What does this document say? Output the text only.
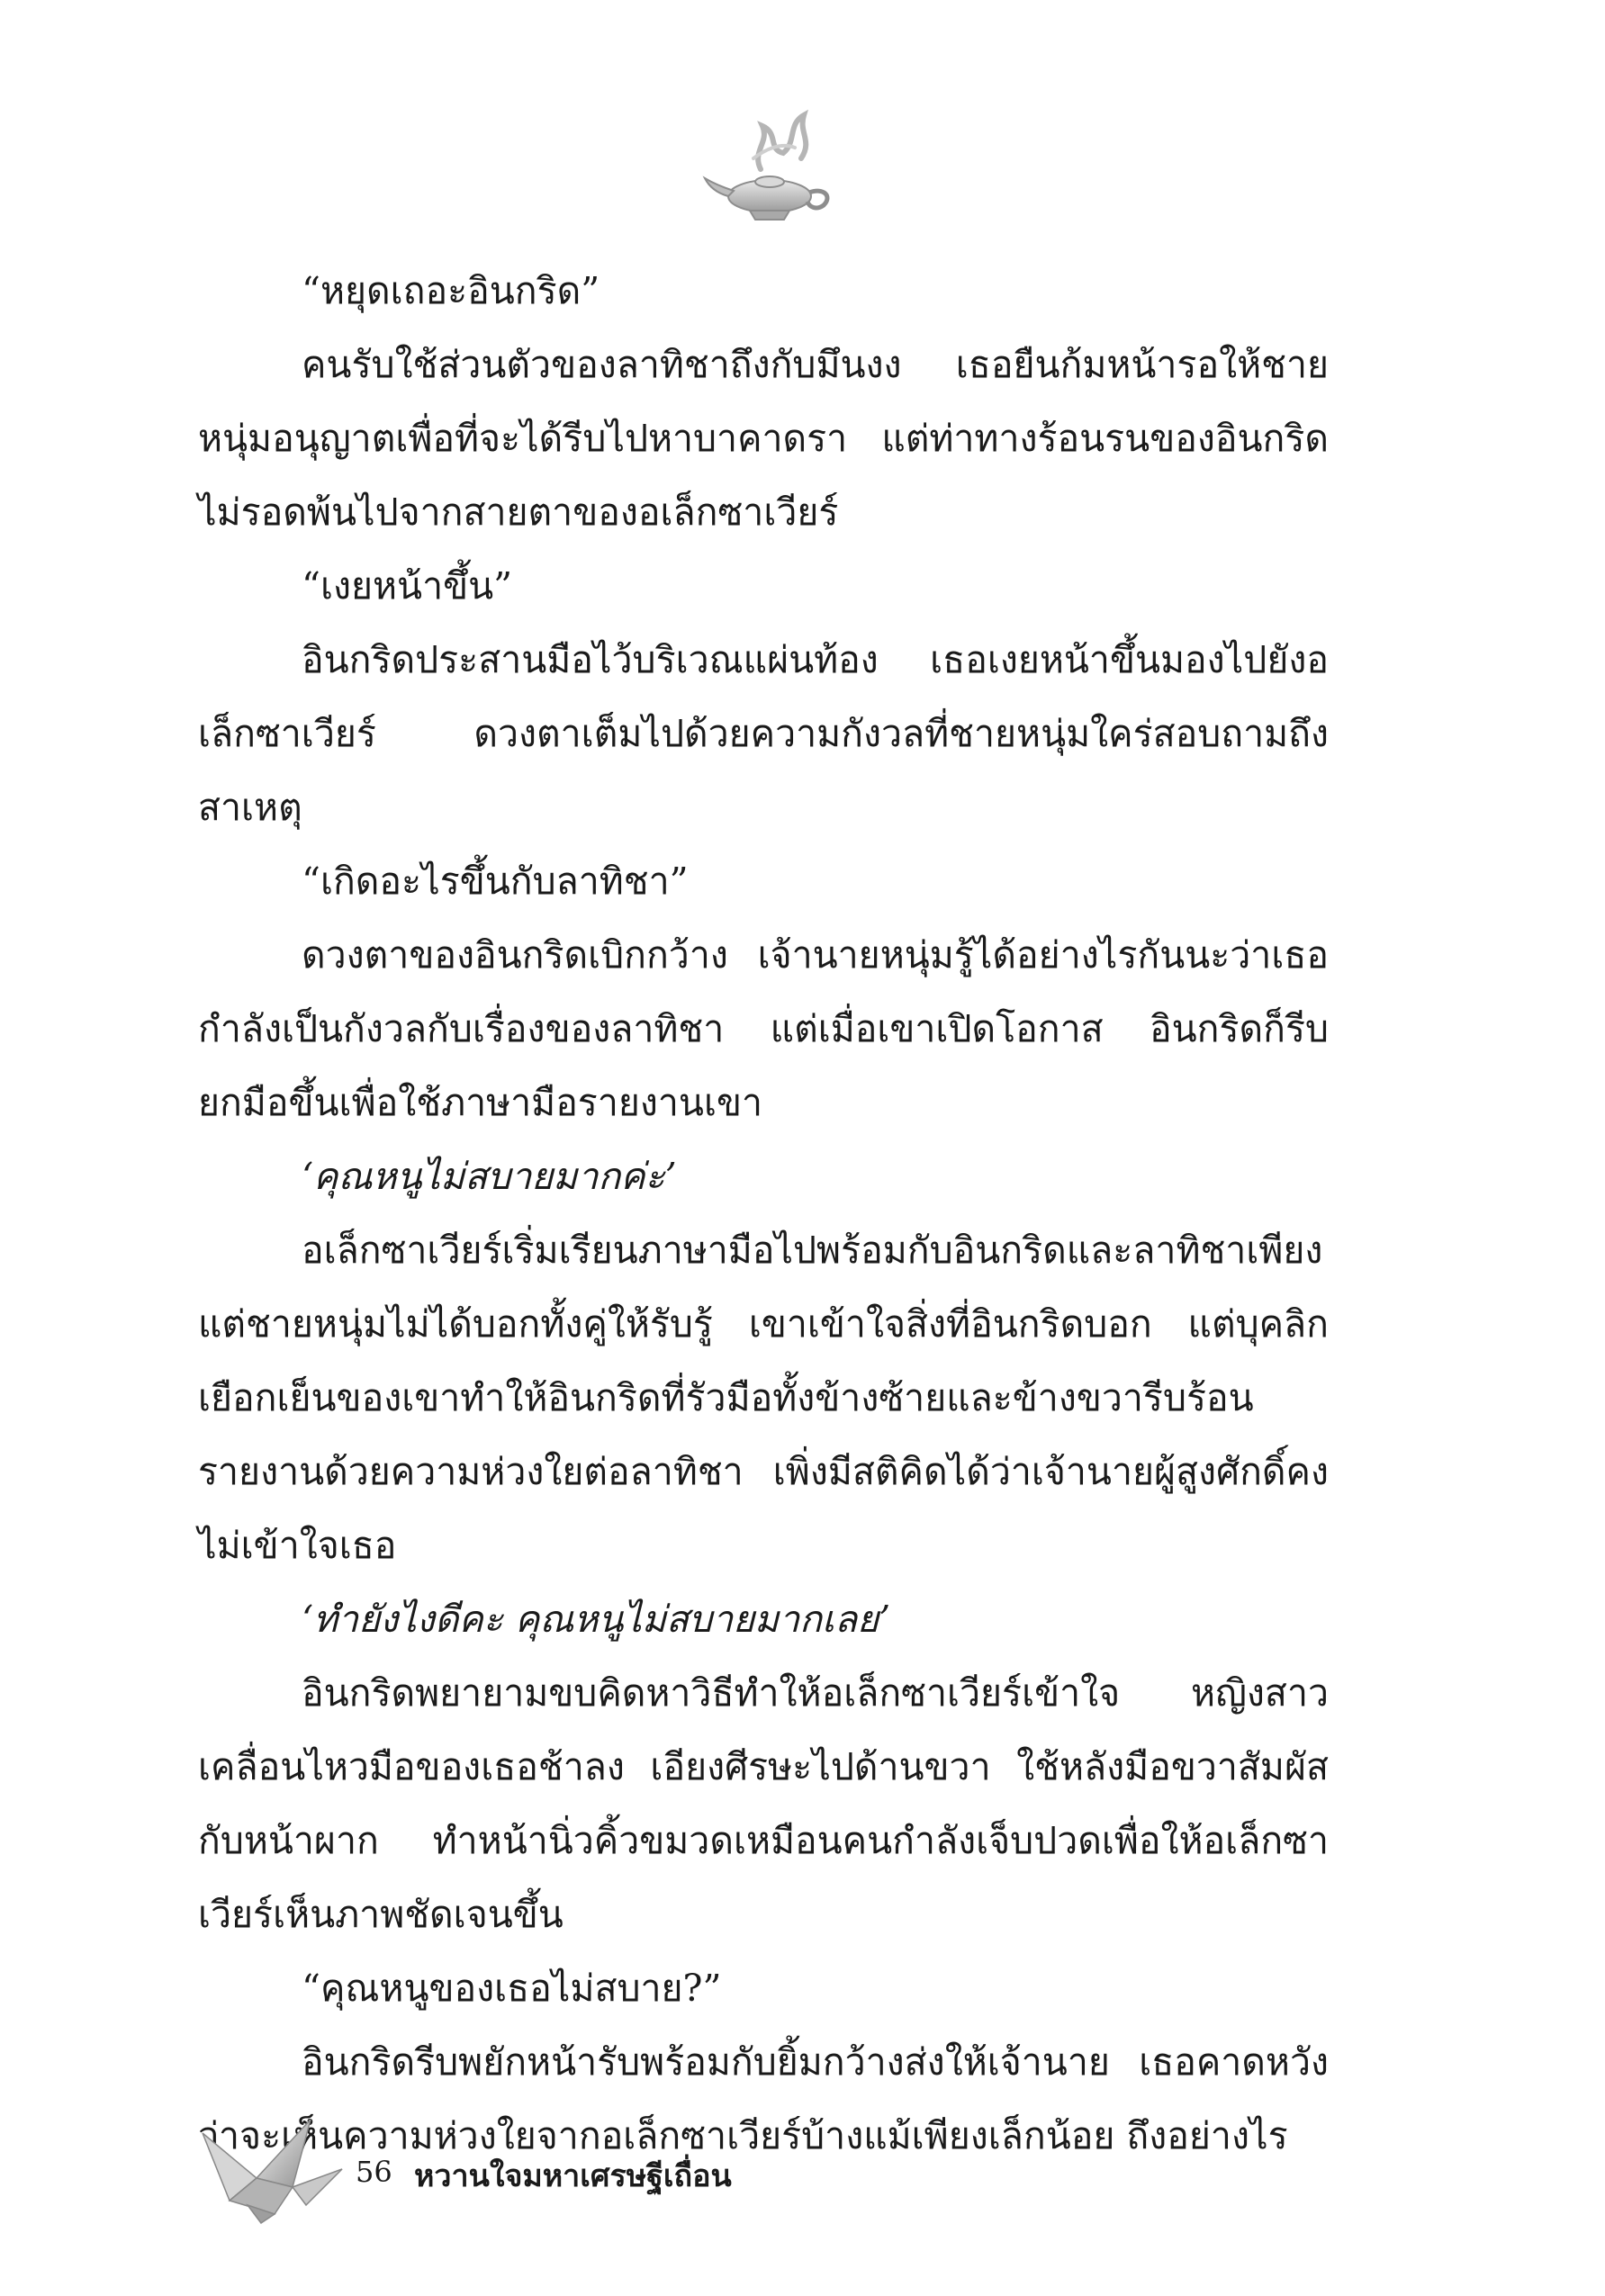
“หยุดเถอะอินกริด”

คนรับใช้ส่วนตัวของลาทิชาถึงกับมึนงง เธอยืนก้มหน้ารอให้ชายหนุ่มอนุญาตเพื่อที่จะได้รีบไปหาบาคาดรา แต่ท่าทางร้อนรนของอินกริดไม่รอดพ้นไปจากสายตาของอเล็กซาเวียร์

“เงยหน้าขึ้น”

อินกริดประสานมือไว้บริเวณแผ่นท้อง เธอเงยหน้าขึ้นมองไปยังอเล็กซาเวียร์ ดวงตาเต็มไปด้วยความกังวลที่ชายหนุ่มใคร่สอบถามถึงสาเหตุ

“เกิดอะไรขึ้นกับลาทิชา”

ดวงตาของอินกริดเบิกกว้าง เจ้านายหนุ่มรู้ได้อย่างไรกันนะว่าเธอกำลังเป็นกังวลกับเรื่องของลาทิชา แต่เมื่อเขาเปิดโอกาส อินกริดก็รีบยกมือขึ้นเพื่อใช้ภาษามือรายงานเขา

‘คุณหนูไม่สบายมากค่ะ’

อเล็กซาเวียร์เริ่มเรียนภาษามือไปพร้อมกับอินกริดและลาทิชาเพียงแต่ชายหนุ่มไม่ได้บอกทั้งคู่ให้รับรู้ เขาเข้าใจสิ่งที่อินกริดบอก แต่บุคลิกเยือกเย็นของเขาทำให้อินกริดที่รัวมือทั้งข้างซ้ายและข้างขวารีบร้อนรายงานด้วยความห่วงใยต่อลาทิชา เพิ่งมีสติคิดได้ว่าเจ้านายผู้สูงศักดิ์คงไม่เข้าใจเธอ

‘ทำยังไงดีคะ คุณหนูไม่สบายมากเลย’

อินกริดพยายามขบคิดหาวิธีทำให้อเล็กซาเวียร์เข้าใจ หญิงสาวเคลื่อนไหวมือของเธอช้าลง เอียงศีรษะไปด้านขวา ใช้หลังมือขวาสัมผัสกับหน้าผาก ทำหน้านิ่วคิ้วขมวดเหมือนคนกำลังเจ็บปวดเพื่อให้อเล็กซาเวียร์เห็นภาพชัดเจนขึ้น

“คุณหนูของเธอไม่สบาย?”

อินกริดรีบพยักหน้ารับพร้อมกับยิ้มกว้างส่งให้เจ้านาย เธอคาดหวังว่าจะเห็นความห่วงใยจากอเล็กซาเวียร์บ้างแม้เพียงเล็กน้อย ถึงอย่างไร

56 หวานใจมหาเศรษฐีเถื่อน
